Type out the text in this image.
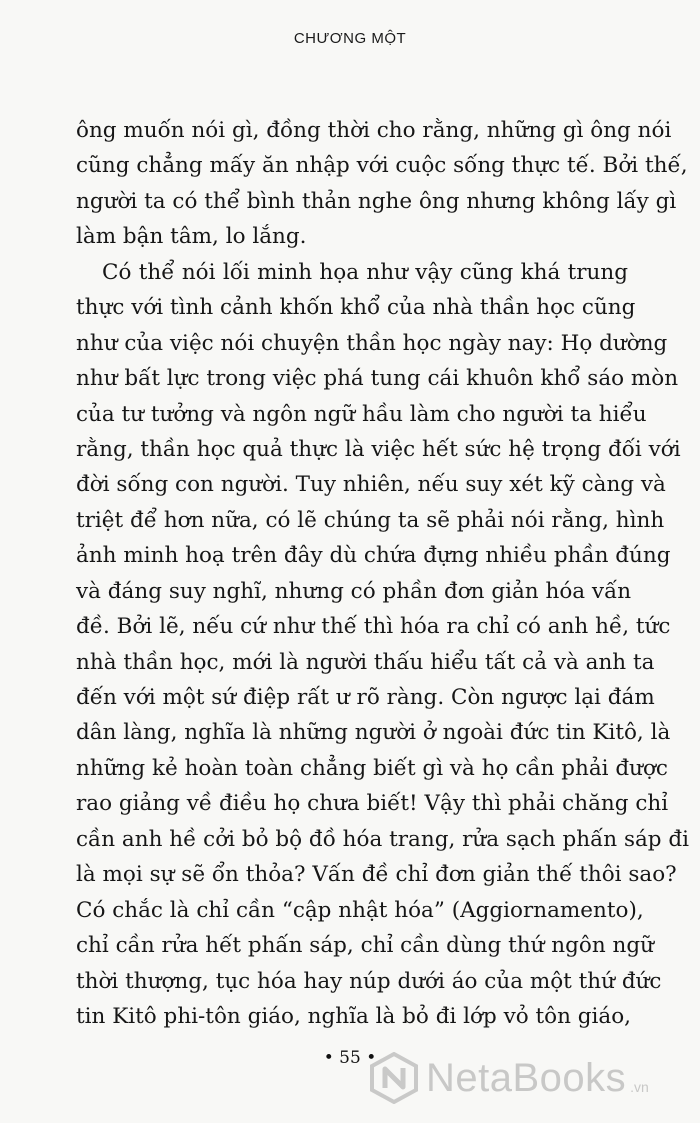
CHƯƠNG MỘT
ông muốn nói gì, đồng thời cho rằng, những gì ông nói
cũng chẳng mấy ăn nhập với cuộc sống thực tế. Bởi thế,
người ta có thể bình thản nghe ông nhưng không lấy gì
làm bận tâm, lo lắng.
Có thể nói lối minh họa như vậy cũng khá trung
thực với tình cảnh khốn khổ của nhà thần học cũng
như của việc nói chuyện thần học ngày nay: Họ dường
như bất lực trong việc phá tung cái khuôn khổ sáo mòn
của tư tưởng và ngôn ngữ hầu làm cho người ta hiểu
rằng, thần học quả thực là việc hết sức hệ trọng đối với
đời sống con người. Tuy nhiên, nếu suy xét kỹ càng và
triệt để hơn nữa, có lẽ chúng ta sẽ phải nói rằng, hình
ảnh minh hoạ trên đây dù chứa đựng nhiều phần đúng
và đáng suy nghĩ, nhưng có phần đơn giản hóa vấn
đề. Bởi lẽ, nếu cứ như thế thì hóa ra chỉ có anh hề, tức
nhà thần học, mới là người thấu hiểu tất cả và anh ta
đến với một sứ điệp rất ư rõ ràng. Còn ngược lại đám
dân làng, nghĩa là những người ở ngoài đức tin Kitô, là
những kẻ hoàn toàn chẳng biết gì và họ cần phải được
rao giảng về điều họ chưa biết! Vậy thì phải chăng chỉ
cần anh hề cởi bỏ bộ đồ hóa trang, rửa sạch phấn sáp đi
là mọi sự sẽ ổn thỏa? Vấn đề chỉ đơn giản thế thôi sao?
Có chắc là chỉ cần “cập nhật hóa” (Aggiornamento),
chỉ cần rửa hết phấn sáp, chỉ cần dùng thứ ngôn ngữ
thời thượng, tục hóa hay núp dưới áo của một thứ đức
tin Kitô phi-tôn giáo, nghĩa là bỏ đi lớp vỏ tôn giáo,
• 55 •	NetaBooks .vn
